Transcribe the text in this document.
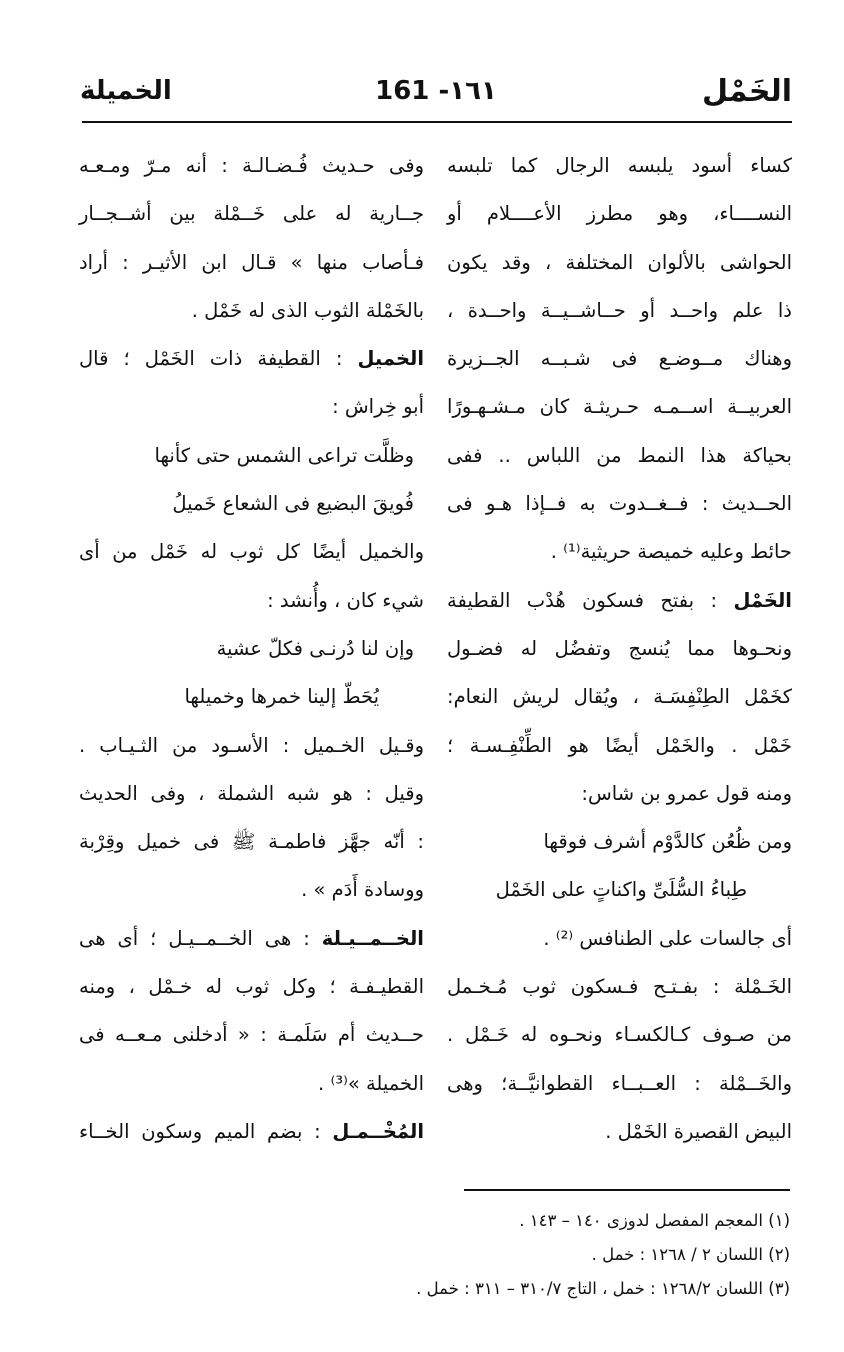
الخَمْل
١٦١- 161
الخميلة
كساء أسود يلبسه الرجال كما تلبسه
النســــاء، وهو مطرز الأعــــلام أو
الحواشى بالألوان المختلفة ، وقد يكون
ذا علم واحــد أو حــاشــيــة واحــدة ،
وهناك مــوضـع فى شـبــه الجــزيرة
العربيــة اســمـه حـريثـة كان مـشـهـورًا
بحياكة هذا النمط من اللباس .. ففى
الحــديث : فــغــدوت به فــإذا هـو فى
حائط وعليه خميصة حريثية⁽¹⁾ .
الخَمْل : بفتح فسكون هُدْب القطيفة
ونحـوها مما يُنسج وتفضُل له فضـول
كخَمْل الطِنْفِسَـة ، ويُقال لريش النعام:
خَمْل . والخَمْل أيضًا هو الطِّنْفِـسـة ؛
ومنه قول عمرو بن شاس:
ومن ظُعُن كالدَّوْم أشرف فوقها
طِباءُ السُّلَىِّ واكناتٍ على الخَمْل
أى جالسات على الطنافس ⁽²⁾ .
الخَـمْلة : بفـتـح فـسكون ثوب مُـخـمل
من صـوف كـالكسـاء ونحـوه له خَـمْل .
والخَــمْلة : العــبــاء القطوانيَّــة؛ وهى
البيض القصيرة الخَمْل .
وفى حـديث فُـضـالـة : أنه مـرّ ومـعـه
جــارية له على خَــمْلة بين أشــجــار
فـأصاب منها » قـال ابن الأثيـر : أراد
بالخَمْلة الثوب الذى له خَمْل .
الخميل : القطيفة ذات الخَمْل ؛ قال
أبو خِراش :
وظلَّت تراعى الشمس حتى كأنها
فُويقَ البضيع فى الشعاع خَميلُ
والخميل أيضًا كل ثوب له خَمْل من أى
شيء كان ، وأُنشد :
وإن لنا دُرنـى فكلّ عشية
يُحَطّ إلينا خمرها وخميلها
وقـيل الخـميل : الأسـود من الثـيـاب .
وقيل : هو شبه الشملة ، وفى الحديث
: أنّه جهَّز فاطمـة ﷺ فى خميل وقِرْبة
ووسادة أَدَم » .
الخــمــيـلة : هى الخــمــيـل ؛ أى هى
القطيـفـة ؛ وكل ثوب له خـمْل ، ومنه
حــديث أم سَلَمـة : « أدخلنى مـعــه فى
الخميلة »⁽³⁾ .
المُخْــمـل : بضم الميم وسكون الخــاء
(١) المعجم المفصل لدوزى ١٤٠ – ١٤٣ .
(٢) اللسان ٢ / ١٢٦٨ : خمل .
(٣) اللسان ١٢٦٨/٢ : خمل ، التاج ٣١٠/٧ – ٣١١ : خمل .
